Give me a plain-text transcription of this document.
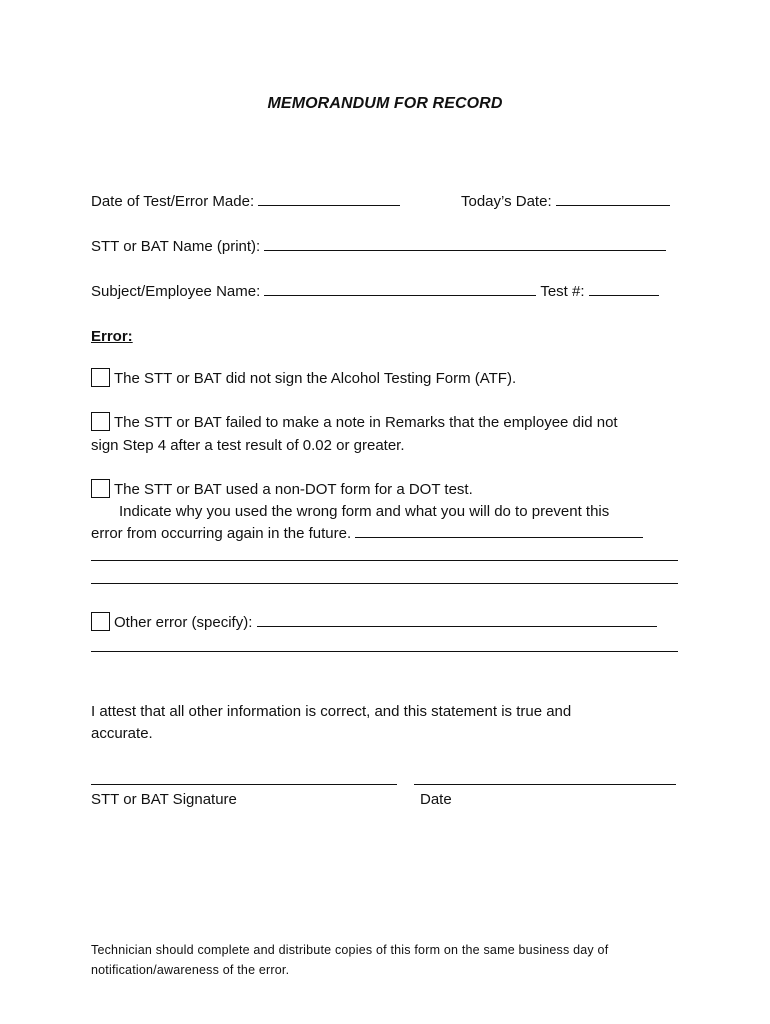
MEMORANDUM FOR RECORD
Date of Test/Error Made:	Today’s Date:
STT or BAT Name (print):
Subject/Employee Name:	Test #:
Error:
The STT or BAT did not sign the Alcohol Testing Form (ATF).
The STT or BAT failed to make a note in Remarks that the employee did not
sign Step 4 after a test result of 0.02 or greater.
The STT or BAT used a non-DOT form for a DOT test.
Indicate why you used the wrong form and what you will do to prevent this
error from occurring again in the future.
Other error (specify):
I attest that all other information is correct, and this statement is true and
accurate.
STT or BAT Signature	Date
Technician should complete and distribute copies of this form on the same business day of
notification/awareness of the error.
